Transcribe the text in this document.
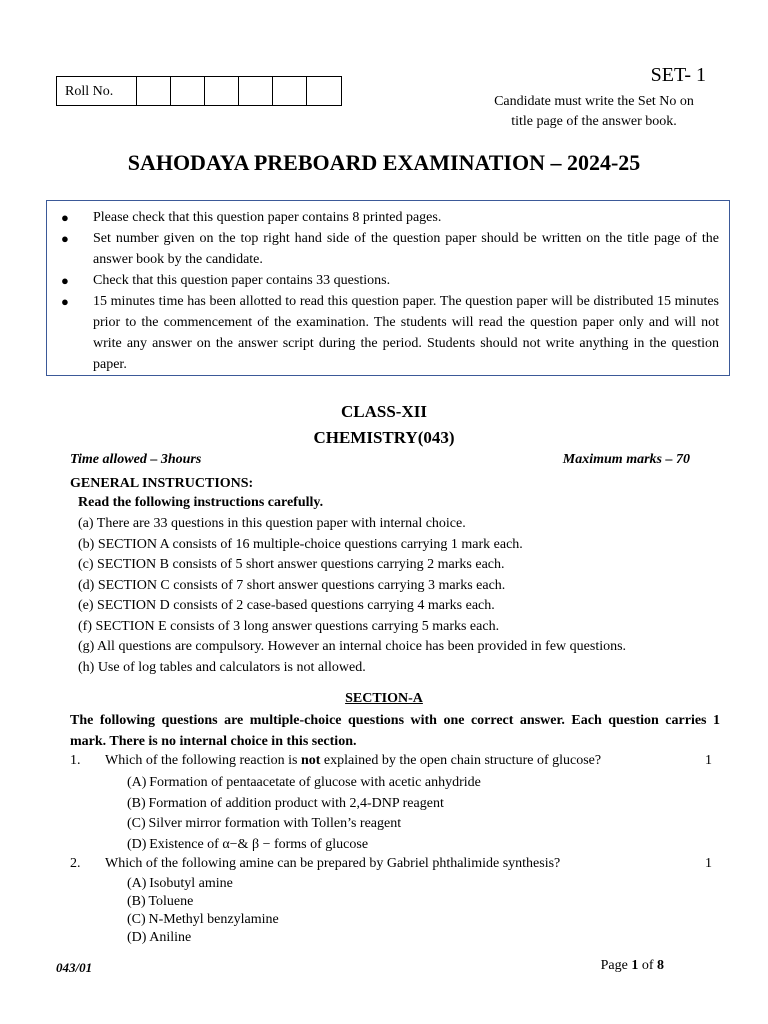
Roll No.
SET- 1
Candidate must write the Set No on
title page of the answer book.
SAHODAYA PREBOARD EXAMINATION – 2024-25
● Please check that this question paper contains 8 printed pages.
● Set number given on the top right hand side of the question paper should be written on the title page of the answer book by the candidate.
● Check that this question paper contains 33 questions.
● 15 minutes time has been allotted to read this question paper. The question paper will be distributed 15 minutes prior to the commencement of the examination. The students will read the question paper only and will not write any answer on the answer script during the period. Students should not write anything in the question paper.
CLASS-XII
CHEMISTRY(043)
Time allowed – 3hours	Maximum marks – 70
GENERAL INSTRUCTIONS:
Read the following instructions carefully.
(a) There are 33 questions in this question paper with internal choice.
(b) SECTION A consists of 16 multiple-choice questions carrying 1 mark each.
(c) SECTION B consists of 5 short answer questions carrying 2 marks each.
(d) SECTION C consists of 7 short answer questions carrying 3 marks each.
(e) SECTION D consists of 2 case-based questions carrying 4 marks each.
(f) SECTION E consists of 3 long answer questions carrying 5 marks each.
(g) All questions are compulsory. However an internal choice has been provided in few questions.
(h) Use of log tables and calculators is not allowed.
SECTION-A
The following questions are multiple-choice questions with one correct answer. Each question carries 1 mark. There is no internal choice in this section.
1. Which of the following reaction is not explained by the open chain structure of glucose?	1
(A) Formation of pentaacetate of glucose with acetic anhydride
(B) Formation of addition product with 2,4-DNP reagent
(C) Silver mirror formation with Tollen’s reagent
(D) Existence of α−& β − forms of glucose
2. Which of the following amine can be prepared by Gabriel phthalimide synthesis?	1
(A) Isobutyl amine
(B) Toluene
(C) N-Methyl benzylamine
(D) Aniline
043/01	Page 1 of 8
